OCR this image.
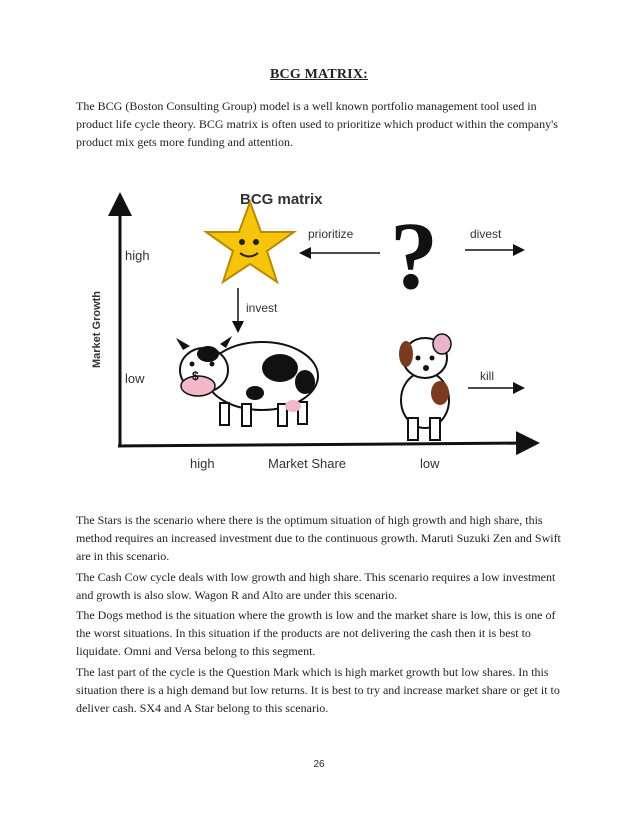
BCG MATRIX:

The BCG (Boston Consulting Group) model is a well known portfolio management tool used in product life cycle theory. BCG matrix is often used to prioritize which product within the company's product mix gets more funding and attention.

BCG matrix
Market Growth
high
low
high	Market Share	low
prioritize ?	divest
invest
$	kill

The Stars is the scenario where there is the optimum situation of high growth and high share, this method requires an increased investment due to the continuous growth. Maruti Suzuki Zen and Swift are in this scenario.

The Cash Cow cycle deals with low growth and high share. This scenario requires a low investment and growth is also slow. Wagon R and Alto are under this scenario.

The Dogs method is the situation where the growth is low and the market share is low, this is one of the worst situations. In this situation if the products are not delivering the cash then it is best to liquidate. Omni and Versa belong to this segment.

The last part of the cycle is the Question Mark which is high market growth but low shares. In this situation there is a high demand but low returns. It is best to try and increase market share or get it to deliver cash. SX4 and A Star belong to this scenario.

26
